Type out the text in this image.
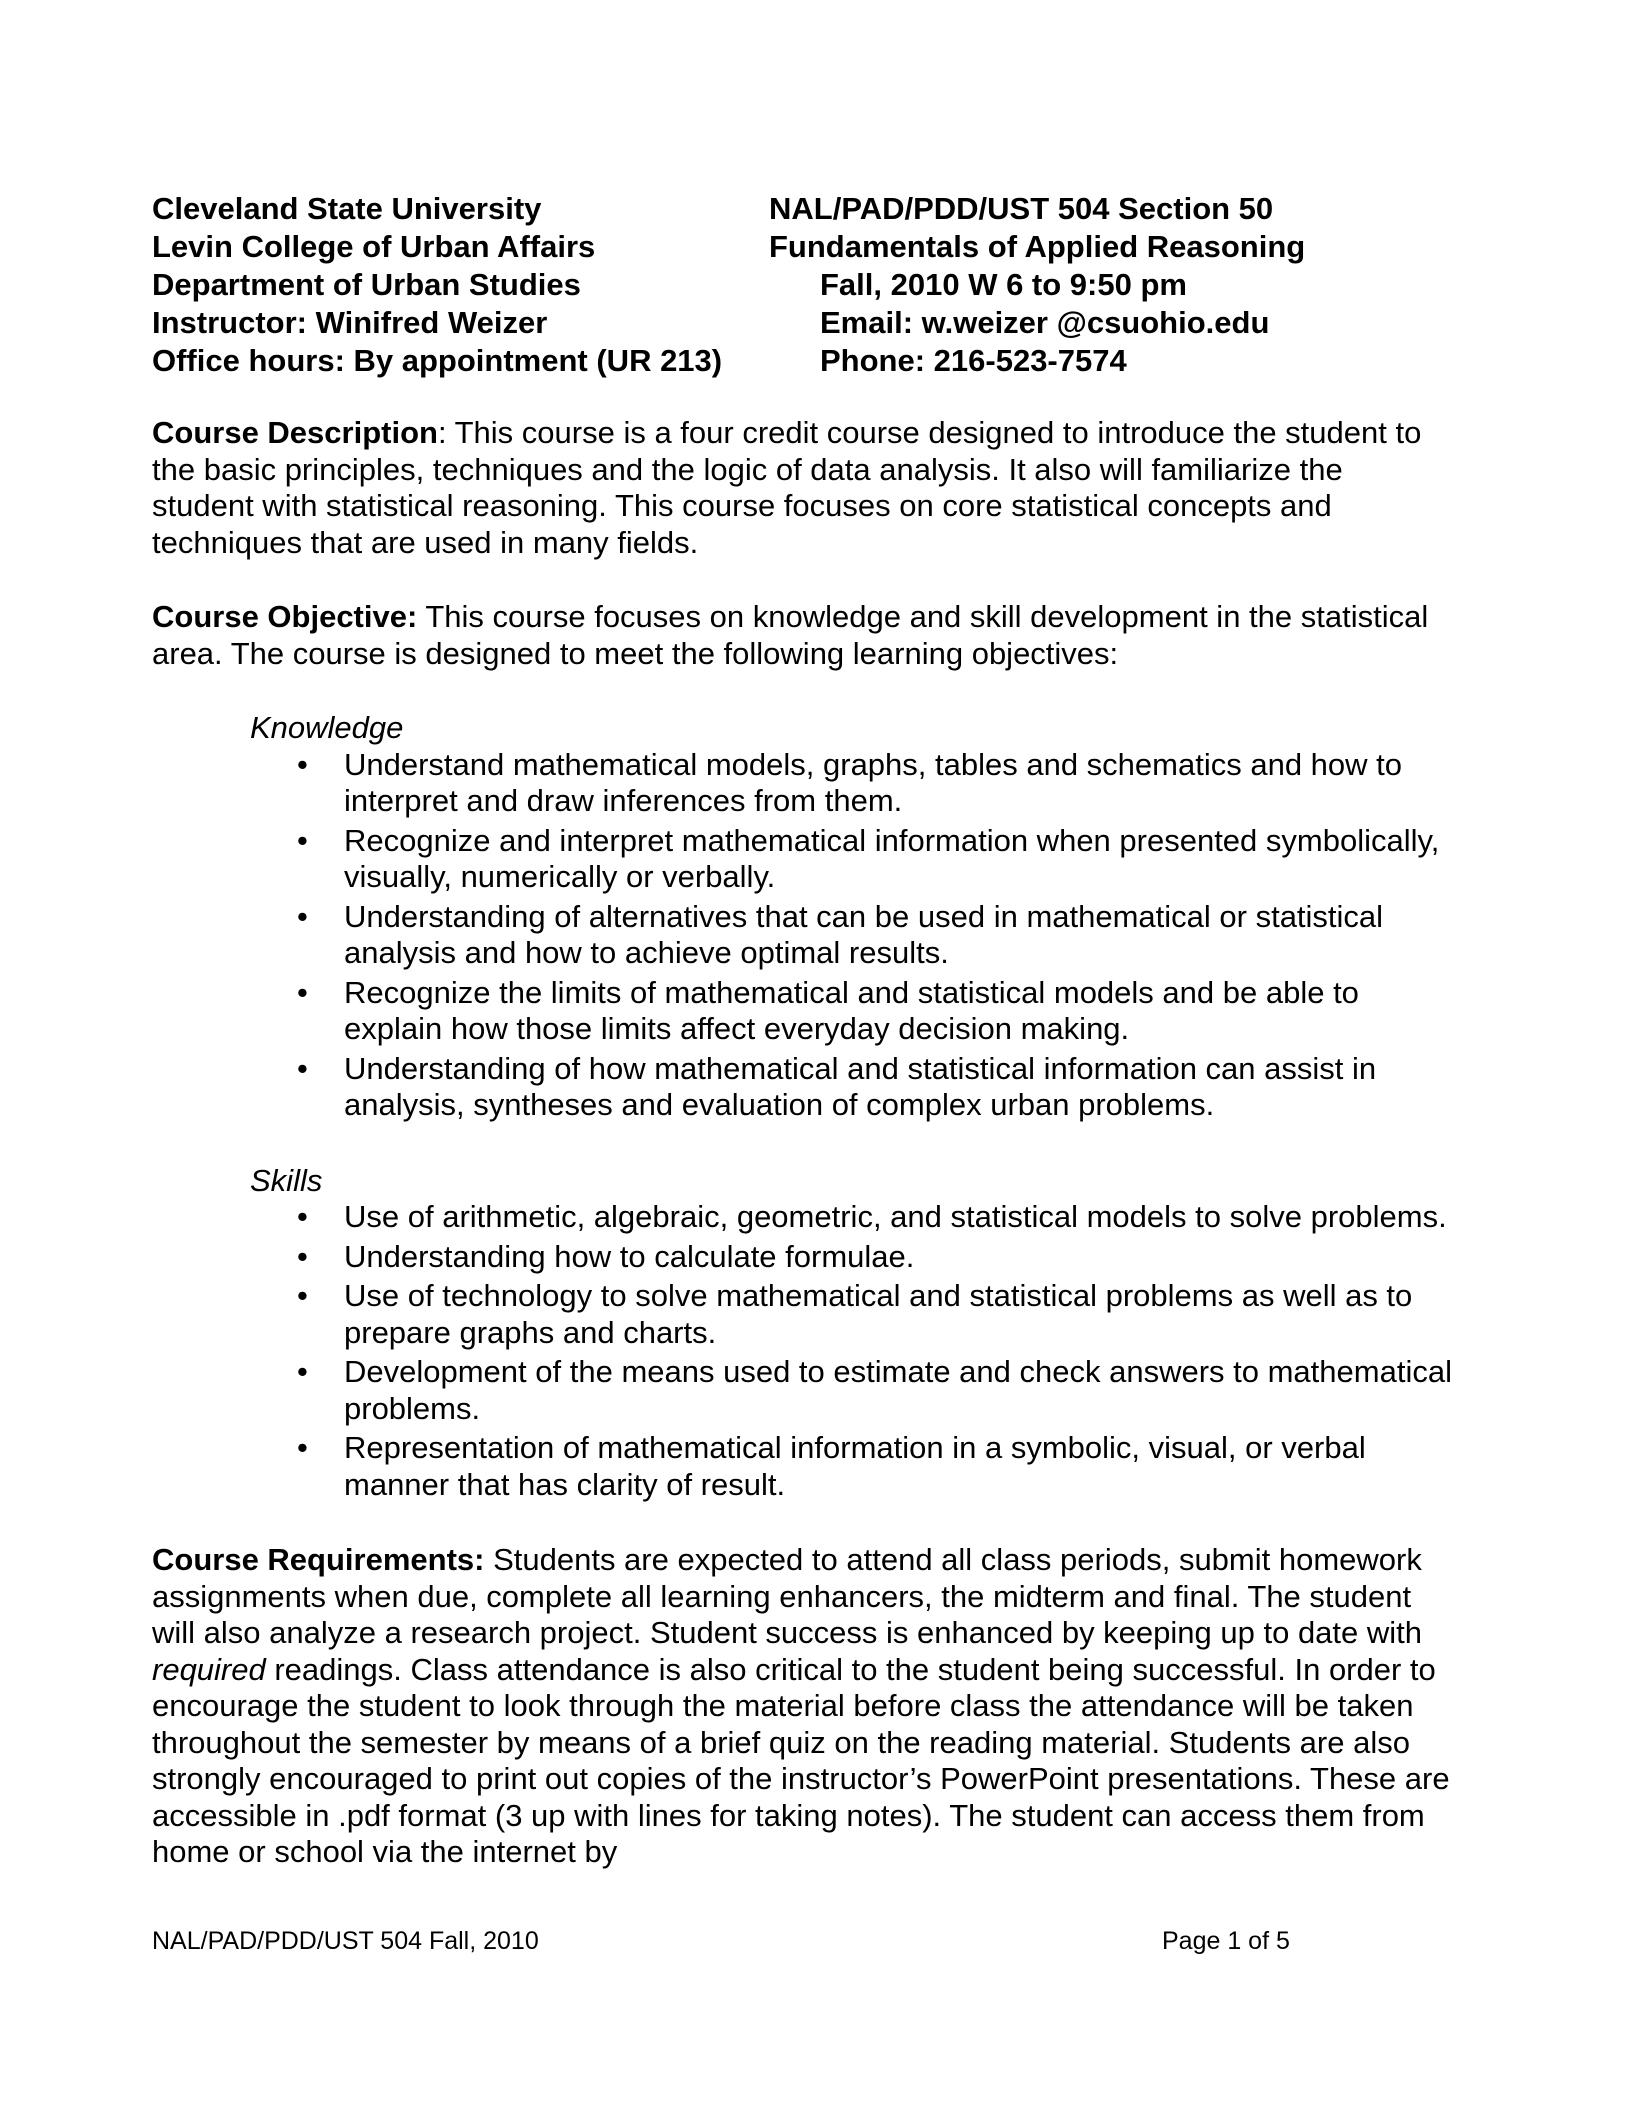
Cleveland State University	NAL/PAD/PDD/UST 504 Section 50
Levin College of Urban Affairs	Fundamentals of Applied Reasoning
Department of Urban Studies	Fall, 2010 W 6 to 9:50 pm
Instructor: Winifred Weizer	Email: w.weizer @csuohio.edu
Office hours: By appointment (UR 213)	Phone: 216-523-7574

Course Description: This course is a four credit course designed to introduce the student to the basic principles, techniques and the logic of data analysis. It also will familiarize the student with statistical reasoning. This course focuses on core statistical concepts and techniques that are used in many fields.

Course Objective: This course focuses on knowledge and skill development in the statistical area. The course is designed to meet the following learning objectives:

Knowledge

• Understand mathematical models, graphs, tables and schematics and how to interpret and draw inferences from them.
• Recognize and interpret mathematical information when presented symbolically, visually, numerically or verbally.
• Understanding of alternatives that can be used in mathematical or statistical analysis and how to achieve optimal results.
• Recognize the limits of mathematical and statistical models and be able to explain how those limits affect everyday decision making.
• Understanding of how mathematical and statistical information can assist in analysis, syntheses and evaluation of complex urban problems.

Skills

• Use of arithmetic, algebraic, geometric, and statistical models to solve problems.
• Understanding how to calculate formulae.
• Use of technology to solve mathematical and statistical problems as well as to prepare graphs and charts.
• Development of the means used to estimate and check answers to mathematical problems.
• Representation of mathematical information in a symbolic, visual, or verbal manner that has clarity of result.

Course Requirements: Students are expected to attend all class periods, submit homework assignments when due, complete all learning enhancers, the midterm and final. The student will also analyze a research project. Student success is enhanced by keeping up to date with required readings. Class attendance is also critical to the student being successful. In order to encourage the student to look through the material before class the attendance will be taken throughout the semester by means of a brief quiz on the reading material. Students are also strongly encouraged to print out copies of the instructor’s PowerPoint presentations. These are accessible in .pdf format (3 up with lines for taking notes). The student can access them from home or school via the internet by

NAL/PAD/PDD/UST 504 Fall, 2010	Page 1 of 5
